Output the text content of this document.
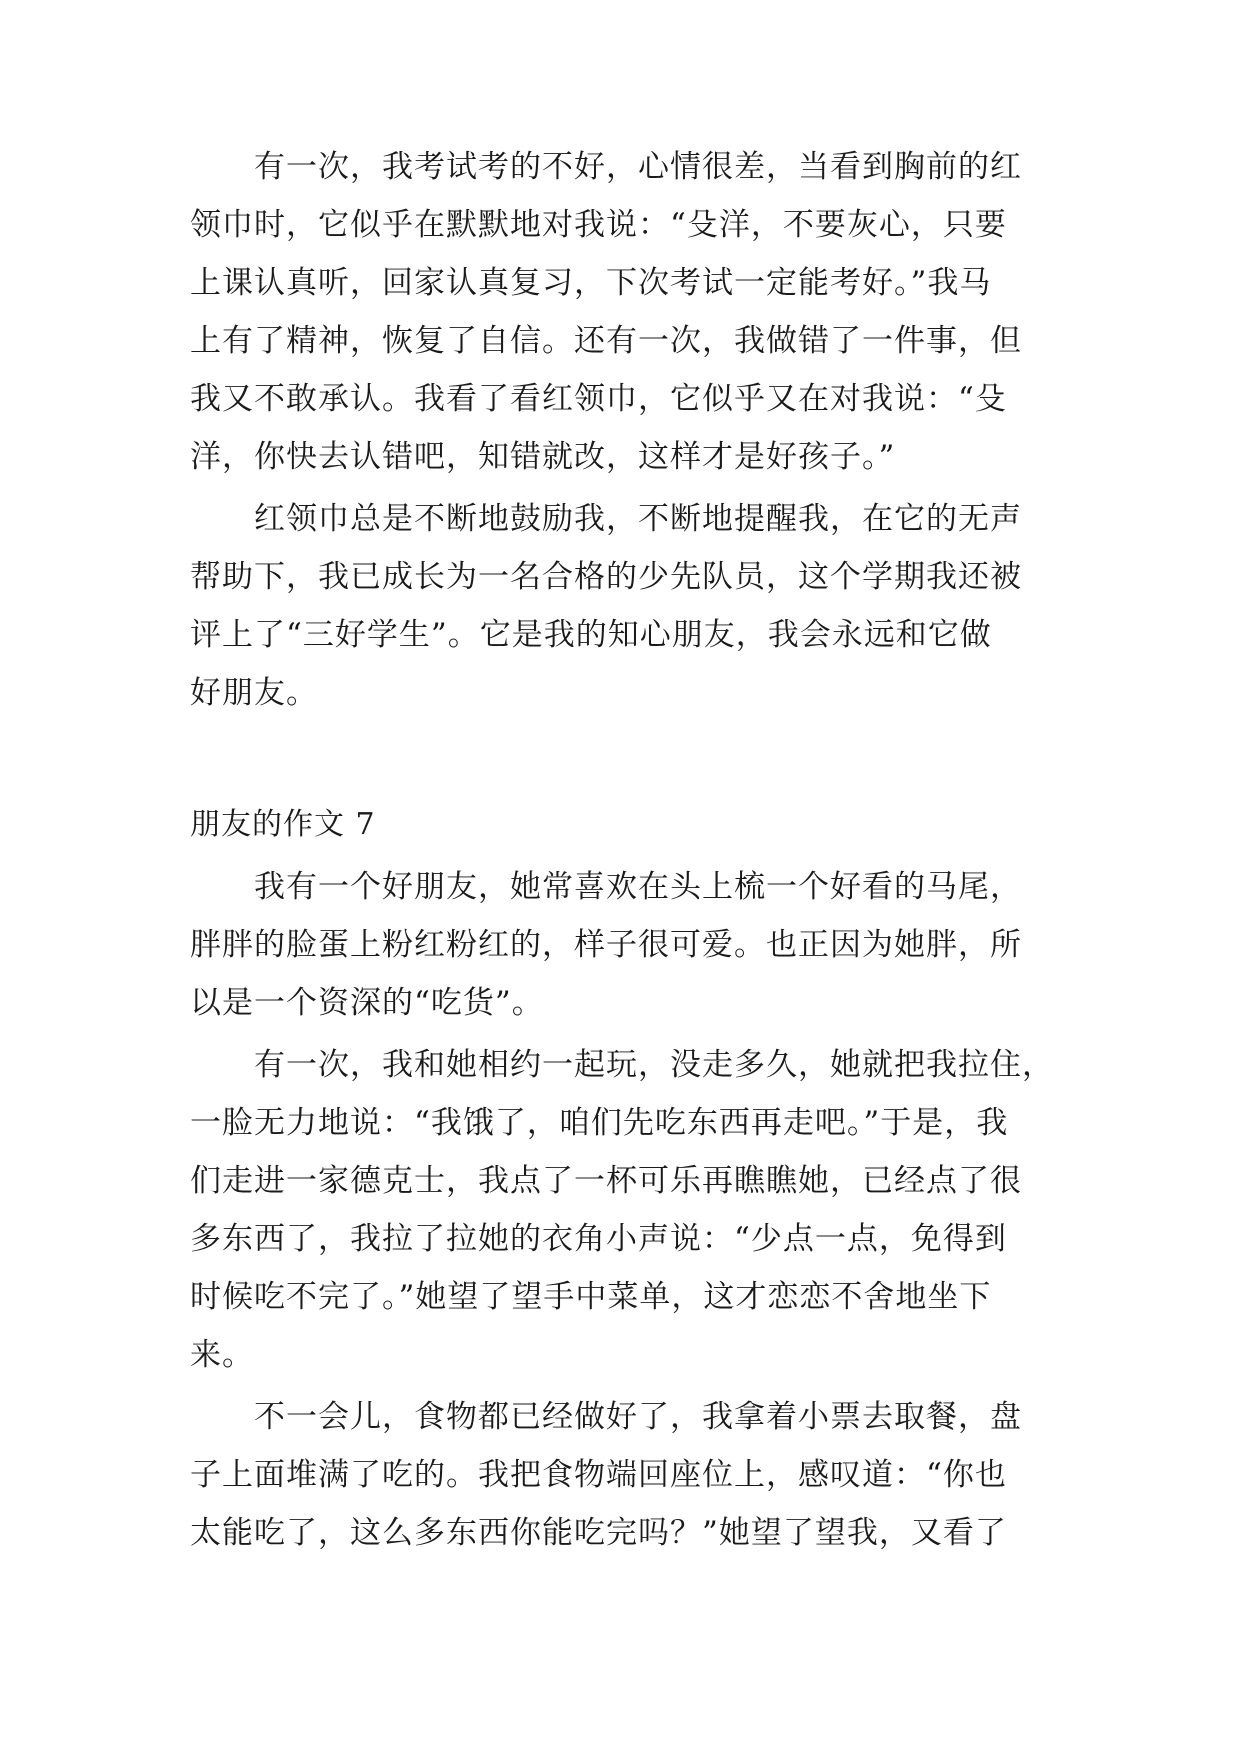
　　有一次，我考试考的不好，心情很差，当看到胸前的红
领巾时，它似乎在默默地对我说：“殳洋，不要灰心，只要
上课认真听，回家认真复习，下次考试一定能考好。”我马
上有了精神，恢复了自信。还有一次，我做错了一件事，但
我又不敢承认。我看了看红领巾，它似乎又在对我说：“殳
洋，你快去认错吧，知错就改，这样才是好孩子。”
　　红领巾总是不断地鼓励我，不断地提醒我，在它的无声
帮助下，我已成长为一名合格的少先队员，这个学期我还被
评上了“三好学生”。它是我的知心朋友，我会永远和它做
好朋友。
朋友的作文 7
　　我有一个好朋友，她常喜欢在头上梳一个好看的马尾，
胖胖的脸蛋上粉红粉红的，样子很可爱。也正因为她胖，所
以是一个资深的“吃货”。
　　有一次，我和她相约一起玩，没走多久，她就把我拉住，
一脸无力地说：“我饿了，咱们先吃东西再走吧。”于是，我
们走进一家德克士，我点了一杯可乐再瞧瞧她，已经点了很
多东西了，我拉了拉她的衣角小声说：“少点一点，免得到
时候吃不完了。”她望了望手中菜单，这才恋恋不舍地坐下
来。
　　不一会儿，食物都已经做好了，我拿着小票去取餐，盘
子上面堆满了吃的。我把食物端回座位上，感叹道：“你也
太能吃了，这么多东西你能吃完吗？”她望了望我，又看了
